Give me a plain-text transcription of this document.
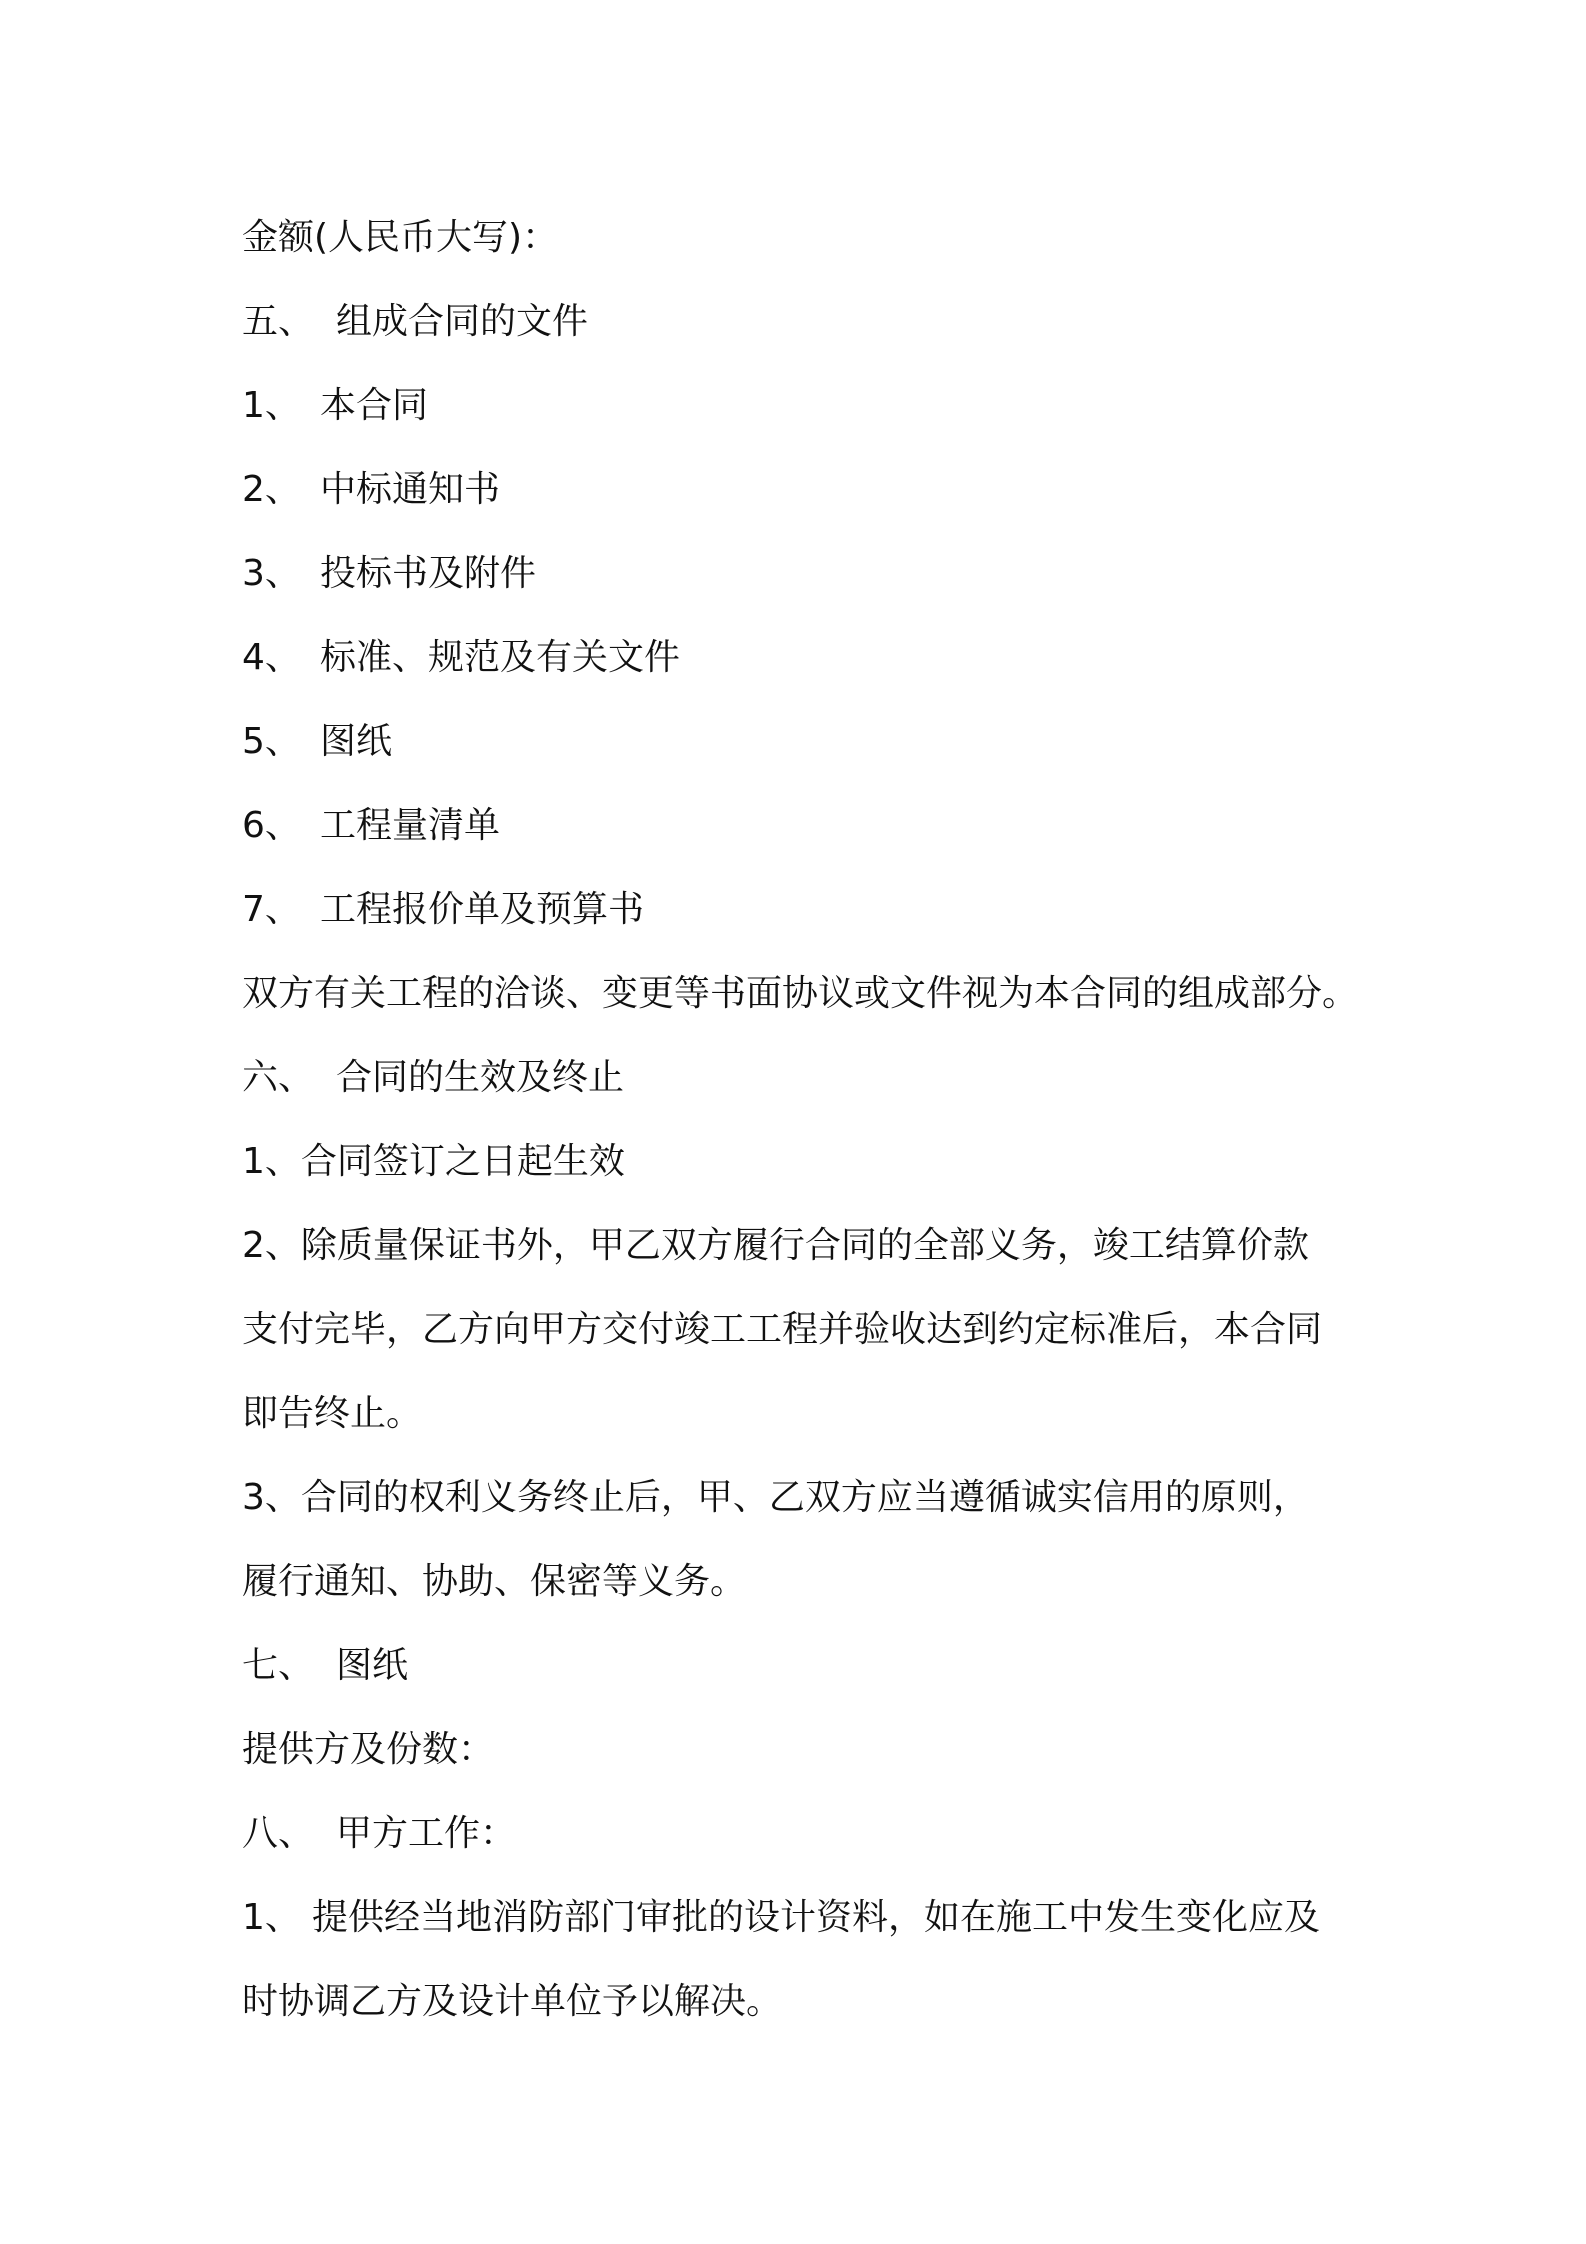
金额(人民币大写)：
五、 组成合同的文件
1、 本合同
2、 中标通知书
3、 投标书及附件
4、 标准、规范及有关文件
5、 图纸
6、 工程量清单
7、 工程报价单及预算书
双方有关工程的洽谈、变更等书面协议或文件视为本合同的组成部分。
六、 合同的生效及终止
1、合同签订之日起生效
2、除质量保证书外，甲乙双方履行合同的全部义务，竣工结算价款
支付完毕，乙方向甲方交付竣工工程并验收达到约定标准后，本合同
即告终止。
3、合同的权利义务终止后，甲、乙双方应当遵循诚实信用的原则，
履行通知、协助、保密等义务。
七、 图纸
提供方及份数：
八、 甲方工作：
1、 提供经当地消防部门审批的设计资料，如在施工中发生变化应及
时协调乙方及设计单位予以解决。
